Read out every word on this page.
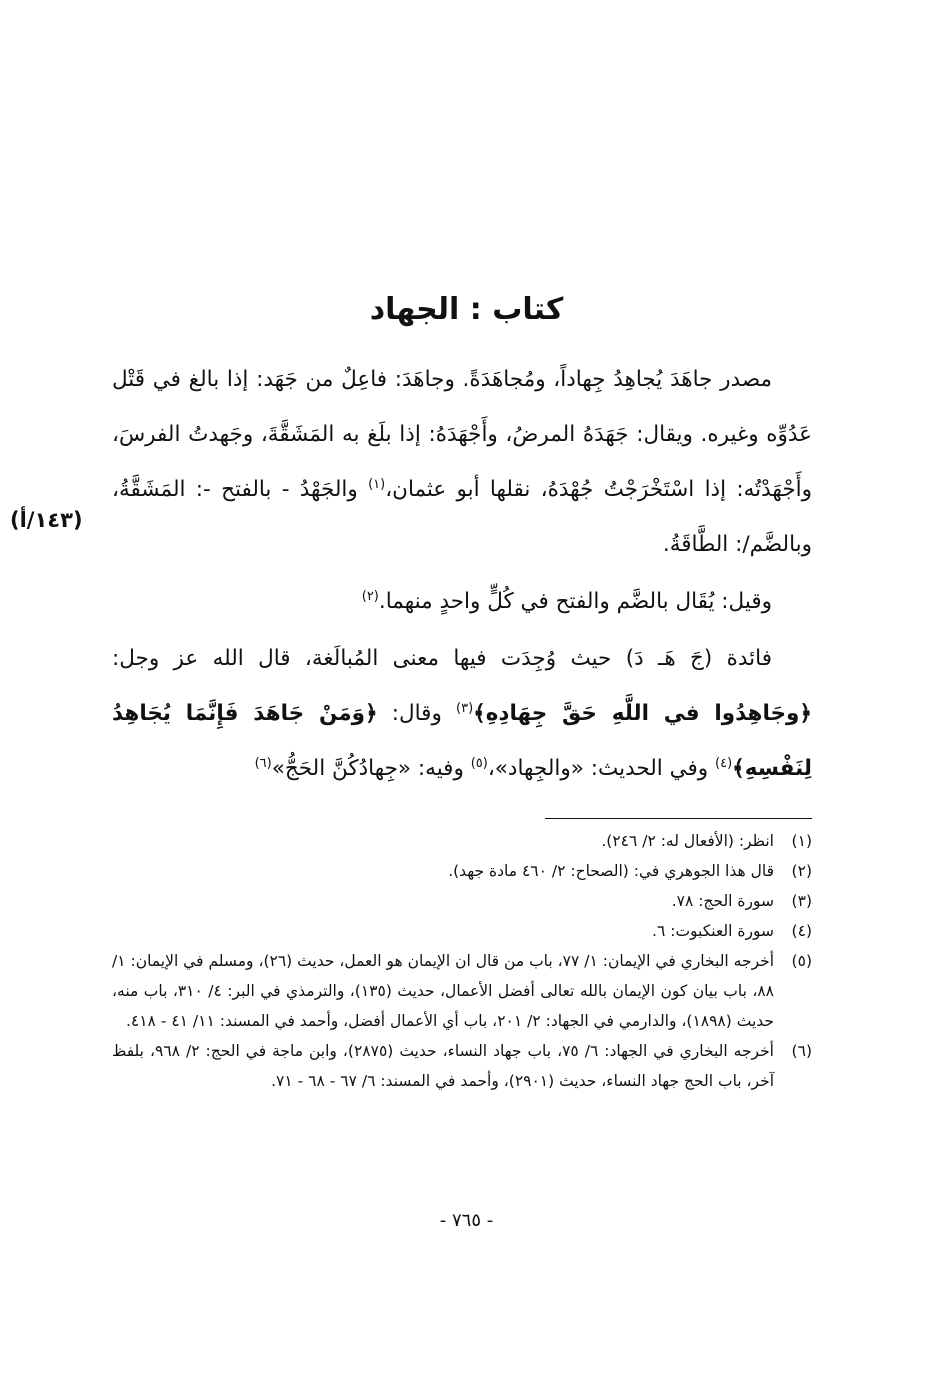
كتاب : الجهاد
(١٤٣/أ)

مصدر جاهَدَ يُجاهِدُ جِهاداً، ومُجاهَدَةً. وجاهَدَ: فاعِلٌ من جَهَد: إذا بالغ في قَتْل عَدُوِّه وغيره. ويقال: جَهَدَهُ المرضُ، وأَجْهَدَهُ: إذا بلَغ به المَشَقَّةَ، وجَهدتُ الفرسَ، وأَجْهَدْتُه: إذا اسْتَخْرَجْتُ جُهْدَهُ، نقلها أبو عثمان،$^{(١)}$ والجَهْدُ - بالفتح -: المَشَقَّةُ، وبالضَّم/: الطَّاقَةُ.

وقيل: يُقَال بالضَّم والفتح في كُلٍّ واحدٍ منهما.$^{(٢)}$

فائدة (جَ هَـ دَ) حيث وُجِدَت فيها معنى المُبالَغة، قال الله عز وجل: ﴿وجَاهِدُوا في اللَّهِ حَقَّ جِهَادِهِ﴾$^{(٣)}$ وقال: ﴿وَمَنْ جَاهَدَ فَإِنَّمَا يُجَاهِدُ لِنَفْسِهِ﴾$^{(٤)}$ وفي الحديث: «والجِهاد»،$^{(٥)}$ وفيه: «جِهادُكُنَّ الحَجُّ»$^{(٦)}$

(١)
انظر: (الأفعال له: ٢/ ٢٤٦).
(٢)
قال هذا الجوهري في: (الصحاح: ٢/ ٤٦٠ مادة جهد).
(٣)
سورة الحج: ٧٨.
(٤)
سورة العنكبوت: ٦.
(٥)
أخرجه البخاري في الإيمان: ١/ ٧٧، باب من قال ان الإيمان هو العمل، حديث (٢٦)، ومسلم في الإيمان: ١/ ٨٨، باب بيان كون الإيمان بالله تعالى أفضل الأعمال، حديث (١٣٥)، والترمذي في البر: ٤/ ٣١٠، باب منه، حديث (١٨٩٨)، والدارمي في الجهاد: ٢/ ٢٠١، باب أي الأعمال أفضل، وأحمد في المسند: ١١/ ٤١ - ٤١٨.
(٦)
أخرجه البخاري في الجهاد: ٦/ ٧٥، باب جهاد النساء، حديث (٢٨٧٥)، وابن ماجة في الحج: ٢/ ٩٦٨، بلفظ آخر، باب الحج جهاد النساء، حديث (٢٩٠١)، وأحمد في المسند: ٦/ ٦٧ - ٦٨ - ٧١.
- ٧٦٥ -
